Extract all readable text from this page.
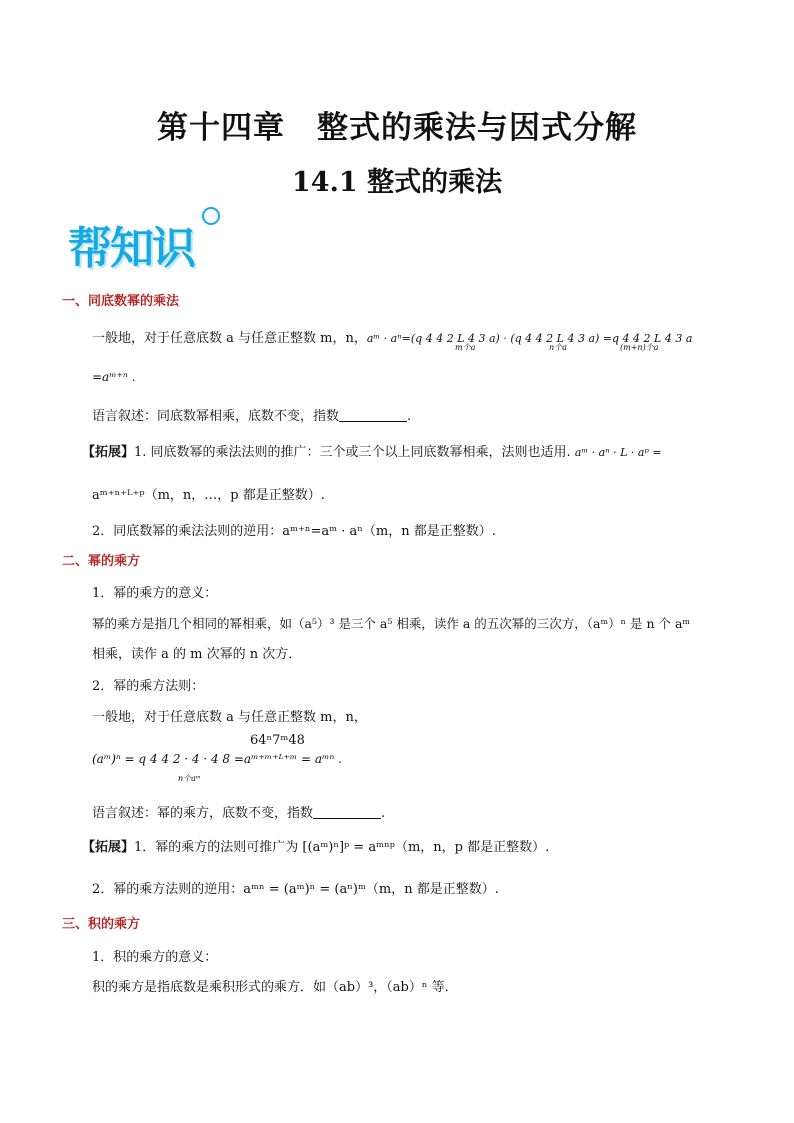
第十四章　整式的乘法与因式分解
14.1 整式的乘法
帮知识
一、同底数幂的乘法
一般地，对于任意底数 a 与任意正整数 m，n，aᵐ · aⁿ=(q 4 4 2 L 4 3 a) · (q 4 4 2 L 4 3 a) =q 4 4 2 L 4 3 a
m个a	n个a	(m+n)个a
=aᵐ⁺ⁿ .
语言叙述：同底数幂相乘，底数不变，指数	.
【拓展】1. 同底数幂的乘法法则的推广：三个或三个以上同底数幂相乘，法则也适用. aᵐ · aⁿ · L · aᵖ =
aᵐ⁺ⁿ⁺ᴸ⁺ᵖ（m，n，…，p 都是正整数）.
2．同底数幂的乘法法则的逆用：aᵐ⁺ⁿ=aᵐ · aⁿ（m，n 都是正整数）.
二、幂的乘方
1．幂的乘方的意义：
幂的乘方是指几个相同的幂相乘，如（a⁵）³ 是三个 a⁵ 相乘，读作 a 的五次幂的三次方，（aᵐ）ⁿ 是 n 个 aᵐ
相乘，读作 a 的 m 次幂的 n 次方．
2．幂的乘方法则：
一般地，对于任意底数 a 与任意正整数 m，n，
64ⁿ7ᵐ48
(aᵐ)ⁿ = q 4 4 2 · 4 · 4 8 =aᵐ⁺ᵐ⁺ᴸ⁺ᵐ = aᵐⁿ .
n个aᵐ
语言叙述：幂的乘方，底数不变，指数	.
【拓展】1．幂的乘方的法则可推广为 [(aᵐ)ⁿ]ᵖ = aᵐⁿᵖ（m，n，p 都是正整数）.
2．幂的乘方法则的逆用：aᵐⁿ = (aᵐ)ⁿ = (aⁿ)ᵐ（m，n 都是正整数）.
三、积的乘方
1．积的乘方的意义：
积的乘方是指底数是乘积形式的乘方．如（ab）³，（ab）ⁿ 等．
